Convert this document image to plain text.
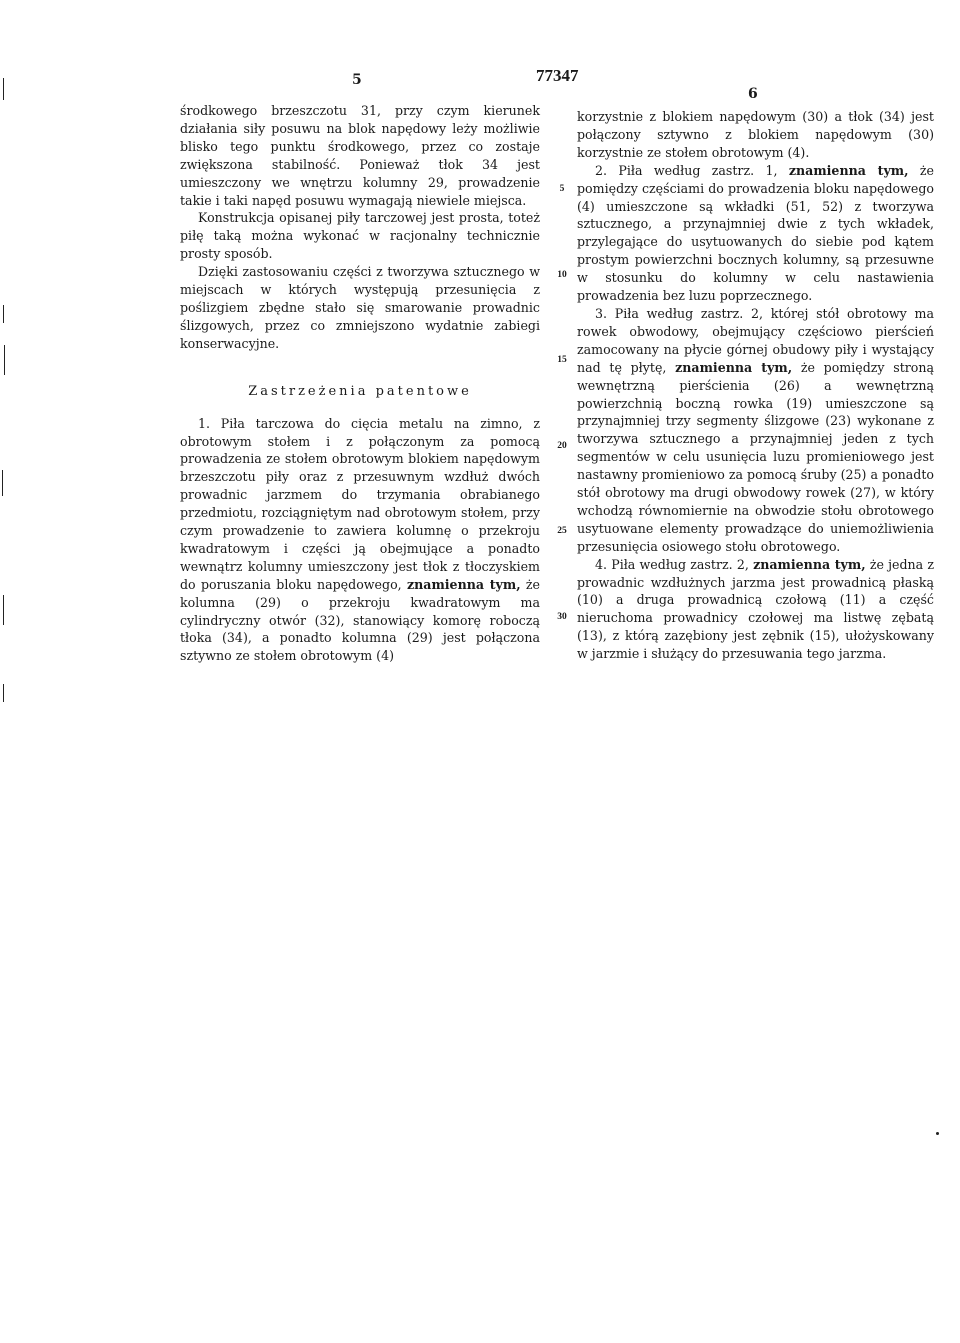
5	77347
6

środkowego brzeszczotu 31, przy czym kierunek działania siły posuwu na blok napędowy leży możliwie blisko tego punktu środkowego, przez co zostaje zwiększona stabilność. Ponieważ tłok 34 jest umieszczony we wnętrzu kolumny 29, prowadzenie takie i taki napęd posuwu wymagają niewiele miejsca.

Konstrukcja opisanej piły tarczowej jest prosta, toteż piłę taką można wykonać w racjonalny technicznie prosty sposób.

Dzięki zastosowaniu części z tworzywa sztucznego w miejscach w których występują przesunięcia z poślizgiem zbędne stało się smarowanie prowadnic ślizgowych, przez co zmniejszono wydatnie zabiegi konserwacyjne.

Zastrzeżenia patentowe

1. Piła tarczowa do cięcia metalu na zimno, z obrotowym stołem i z połączonym za pomocą prowadzenia ze stołem obrotowym blokiem napędowym brzeszczotu piły oraz z przesuwnym wzdłuż dwóch prowadnic jarzmem do trzymania obrabianego przedmiotu, rozciągniętym nad obrotowym stołem, przy czym prowadzenie to zawiera kolumnę o przekroju kwadratowym i części ją obejmujące a ponadto wewnątrz kolumny umieszczony jest tłok z tłoczyskiem do poruszania bloku napędowego, znamienna tym, że kolumna (29) o przekroju kwadratowym ma cylindryczny otwór (32), stanowiący komorę roboczą tłoka (34), a ponadto kolumna (29) jest połączona sztywno ze stołem obrotowym (4)

5
10
15
20
25
30

korzystnie z blokiem napędowym (30) a tłok (34) jest połączony sztywno z blokiem napędowym (30) korzystnie ze stołem obrotowym (4).

2. Piła według zastrz. 1, znamienna tym, że pomiędzy częściami do prowadzenia bloku napędowego (4) umieszczone są wkładki (51, 52) z tworzywa sztucznego, a przynajmniej dwie z tych wkładek, przylegające do usytuowanych do siebie pod kątem prostym powierzchni bocznych kolumny, są przesuwne w stosunku do kolumny w celu nastawienia prowadzenia bez luzu poprzecznego.

3. Piła według zastrz. 2, której stół obrotowy ma rowek obwodowy, obejmujący częściowo pierścień zamocowany na płycie górnej obudowy piły i wystający nad tę płytę, znamienna tym, że pomiędzy stroną wewnętrzną pierścienia (26) a wewnętrzną powierzchnią boczną rowka (19) umieszczone są przynajmniej trzy segmenty ślizgowe (23) wykonane z tworzywa sztucznego a przynajmniej jeden z tych segmentów w celu usunięcia luzu promieniowego jest nastawny promieniowo za pomocą śruby (25) a ponadto stół obrotowy ma drugi obwodowy rowek (27), w który wchodzą równomiernie na obwodzie stołu obrotowego usytuowane elementy prowadzące do uniemożliwienia przesunięcia osiowego stołu obrotowego.

4. Piła według zastrz. 2, znamienna tym, że jedna z prowadnic wzdłużnych jarzma jest prowadnicą płaską (10) a druga prowadnicą czołową (11) a część nieruchoma prowadnicy czołowej ma listwę zębatą (13), z którą zazębiony jest zębnik (15), ułożyskowany w jarzmie i służący do przesuwania tego jarzma.
